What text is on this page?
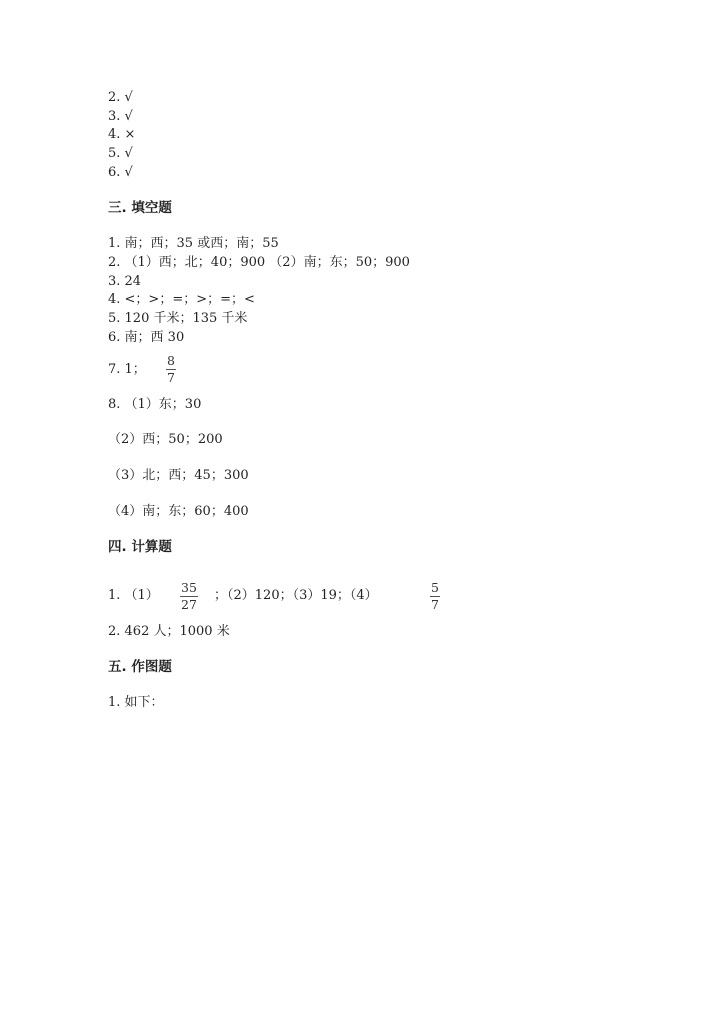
2. √
3. √
4. ×
5. √
6. √
三. 填空题
1. 南；西；35 或西；南；55
2. （1）西；北；40；900 （2）南；东；50；900
3. 24
4. <；>；=；>；=；<
5. 120 千米；135 千米
6. 南；西 30
7. 1；
8
7
8. （1）东；30
（2）西；50；200
（3）北；西；45；300
（4）南；东；60；400
四. 计算题
1. （1）
35
27
；（2）120；（3）19；（4）
5
7
2. 462 人；1000 米
五. 作图题
1. 如下：
